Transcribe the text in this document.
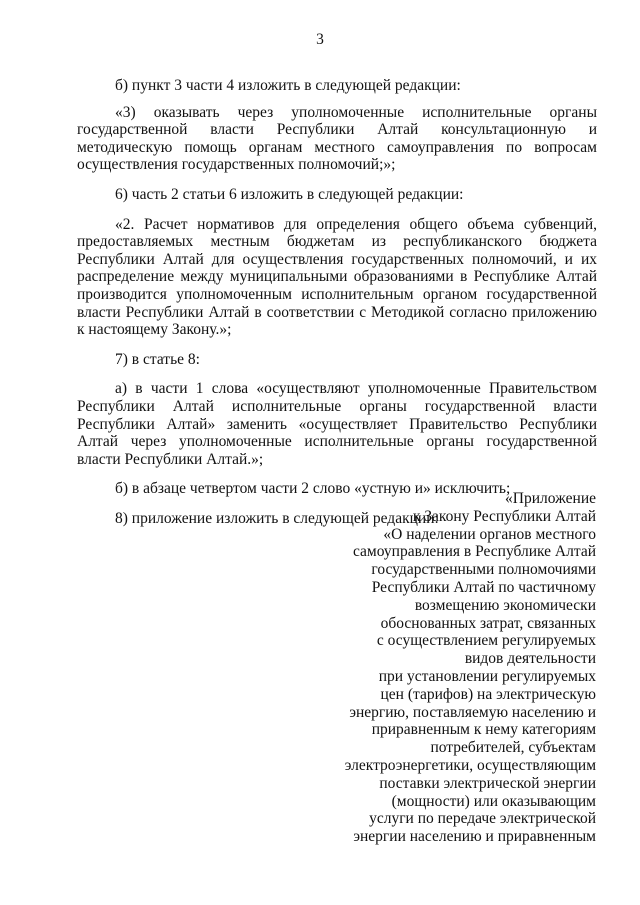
3

б) пункт 3 части 4 изложить в следующей редакции:

«3) оказывать через уполномоченные исполнительные органы государственной власти Республики Алтай консультационную и методическую помощь органам местного самоуправления по вопросам осуществления государственных полномочий;»;

6) часть 2 статьи 6 изложить в следующей редакции:

«2. Расчет нормативов для определения общего объема субвенций, предоставляемых местным бюджетам из республиканского бюджета Республики Алтай для осуществления государственных полномочий, и их распределение между муниципальными образованиями в Республике Алтай производится уполномоченным исполнительным органом государственной власти Республики Алтай в соответствии с Методикой согласно приложению к настоящему Закону.»;

7) в статье 8:

а) в части 1 слова «осуществляют уполномоченные Правительством Республики Алтай исполнительные органы государственной власти Республики Алтай» заменить «осуществляет Правительство Республики Алтай через уполномоченные исполнительные органы государственной власти Республики Алтай.»;

б) в абзаце четвертом части 2 слово «устную и» исключить;

8) приложение изложить в следующей редакции:

«Приложение
к Закону Республики Алтай
«О наделении органов местного
самоуправления в Республике Алтай
государственными полномочиями
Республики Алтай по частичному
возмещению экономически
обоснованных затрат, связанных
с осуществлением регулируемых
видов деятельности
при установлении регулируемых
цен (тарифов) на электрическую
энергию, поставляемую населению и
приравненным к нему категориям
потребителей, субъектам
электроэнергетики, осуществляющим
поставки электрической энергии
(мощности) или оказывающим
услуги по передаче электрической
энергии населению и приравненным
